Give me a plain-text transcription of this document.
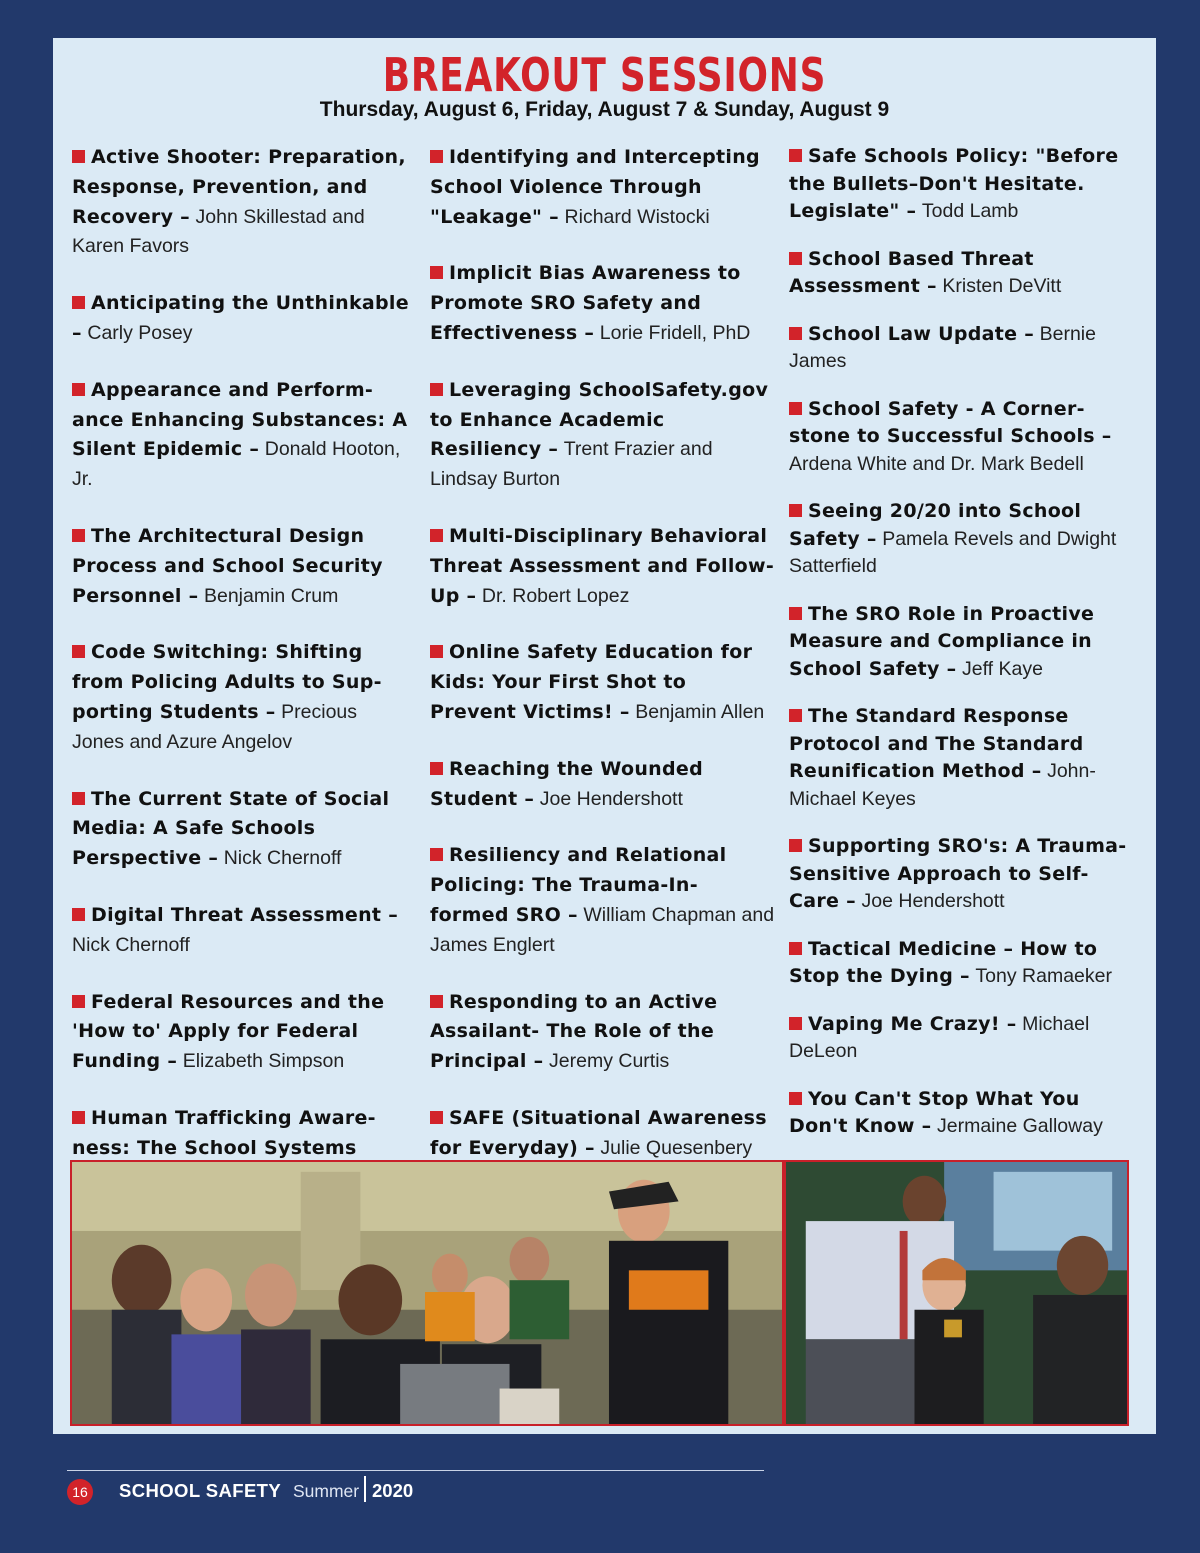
BREAKOUT SESSIONS
Thursday, August 6, Friday, August 7 & Sunday, August 9
Active Shooter: Preparation, Response, Prevention, and Recovery – John Skillestad and Karen Favors
Anticipating the Unthinkable – Carly Posey
Appearance and Perform-ance Enhancing Substances: A Silent Epidemic – Donald Hooton, Jr.
The Architectural Design Process and School Security Personnel – Benjamin Crum
Code Switching: Shifting from Policing Adults to Sup-porting Students – Precious Jones and Azure Angelov
The Current State of Social Media: A Safe Schools Perspective – Nick Chernoff
Digital Threat Assessment – Nick Chernoff
Federal Resources and the 'How to' Apply for Federal Funding – Elizabeth Simpson
Human Trafficking Aware-ness: The School Systems
Identifying and Intercepting School Violence Through "Leakage" – Richard Wistocki
Implicit Bias Awareness to Promote SRO Safety and Effectiveness – Lorie Fridell, PhD
Leveraging SchoolSafety.gov to Enhance Academic Resiliency – Trent Frazier and Lindsay Burton
Multi-Disciplinary Behavioral Threat Assessment and Follow-Up – Dr. Robert Lopez
Online Safety Education for Kids: Your First Shot to Prevent Victims! – Benjamin Allen
Reaching the Wounded Student – Joe Hendershott
Resiliency and Relational Policing: The Trauma-In-formed SRO – William Chapman and James Englert
Responding to an Active Assailant- The Role of the Principal – Jeremy Curtis
SAFE (Situational Awareness for Everyday) – Julie Quesenbery
Safe Schools Policy: "Before the Bullets–Don't Hesitate. Legislate" – Todd Lamb
School Based Threat Assessment – Kristen DeVitt
School Law Update – Bernie James
School Safety - A Corner-stone to Successful Schools – Ardena White and Dr. Mark Bedell
Seeing 20/20 into School Safety – Pamela Revels and Dwight Satterfield
The SRO Role in Proactive Measure and Compliance in School Safety – Jeff Kaye
The Standard Response Protocol and The Standard Reunification Method – John-Michael Keyes
Supporting SRO's: A Trauma-Sensitive Approach to Self-Care – Joe Hendershott
Tactical Medicine – How to Stop the Dying – Tony Ramaeker
Vaping Me Crazy! – Michael DeLeon
You Can't Stop What You Don't Know – Jermaine Galloway
16 SCHOOL SAFETY Summer 2020
